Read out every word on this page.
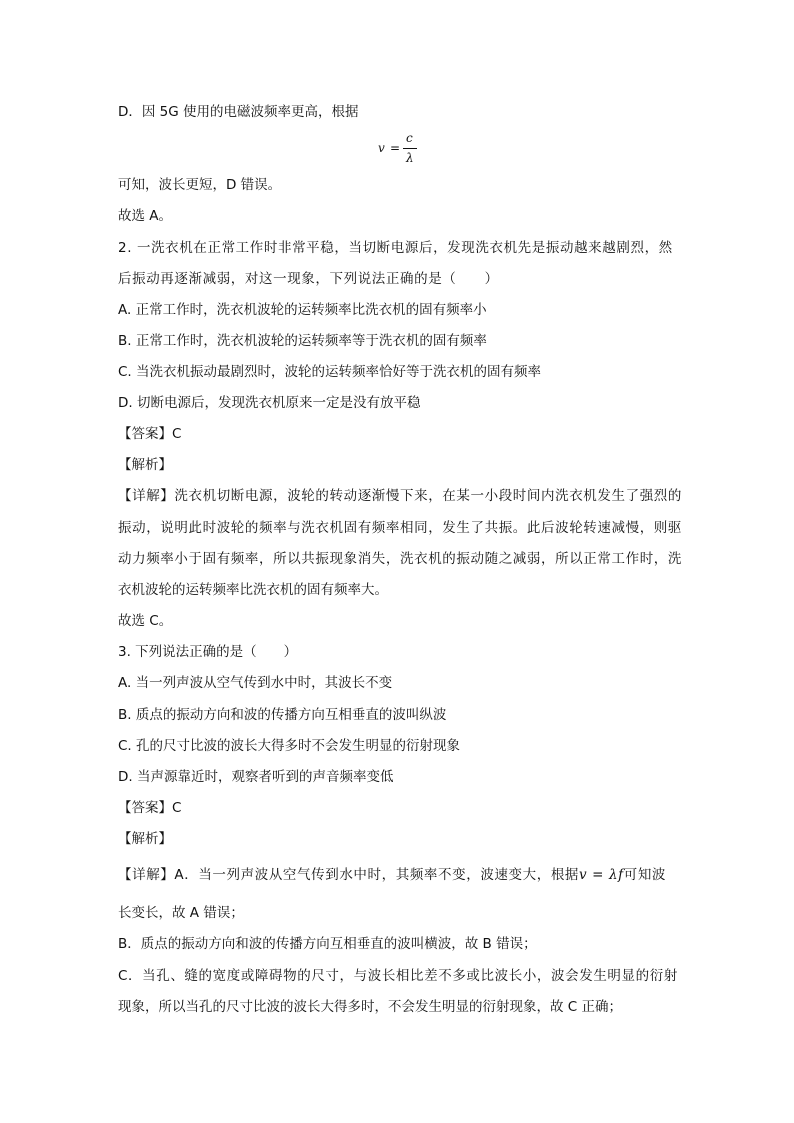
D．因 5G 使用的电磁波频率更高，根据
v =
c
λ
可知，波长更短，D 错误。
故选 A。
2. 一洗衣机在正常工作时非常平稳，当切断电源后，发现洗衣机先是振动越来越剧烈，然
后振动再逐渐减弱，对这一现象，下列说法正确的是（　　）
A. 正常工作时，洗衣机波轮的运转频率比洗衣机的固有频率小
B. 正常工作时，洗衣机波轮的运转频率等于洗衣机的固有频率
C. 当洗衣机振动最剧烈时，波轮的运转频率恰好等于洗衣机的固有频率
D. 切断电源后，发现洗衣机原来一定是没有放平稳
【答案】C
【解析】
【详解】洗衣机切断电源，波轮的转动逐渐慢下来，在某一小段时间内洗衣机发生了强烈的
振动，说明此时波轮的频率与洗衣机固有频率相同，发生了共振。此后波轮转速减慢，则驱
动力频率小于固有频率，所以共振现象消失，洗衣机的振动随之减弱，所以正常工作时，洗
衣机波轮的运转频率比洗衣机的固有频率大。
故选 C。
3. 下列说法正确的是（　　）
A. 当一列声波从空气传到水中时，其波长不变
B. 质点的振动方向和波的传播方向互相垂直的波叫纵波
C. 孔的尺寸比波的波长大得多时不会发生明显的衍射现象
D. 当声源靠近时，观察者听到的声音频率变低
【答案】C
【解析】
【详解】A．当一列声波从空气传到水中时，其频率不变，波速变大，根据v = λf可知波
长变长，故 A 错误；
B．质点的振动方向和波的传播方向互相垂直的波叫横波，故 B 错误；
C．当孔、缝的宽度或障碍物的尺寸，与波长相比差不多或比波长小，波会发生明显的衍射
现象，所以当孔的尺寸比波的波长大得多时，不会发生明显的衍射现象，故 C 正确；
